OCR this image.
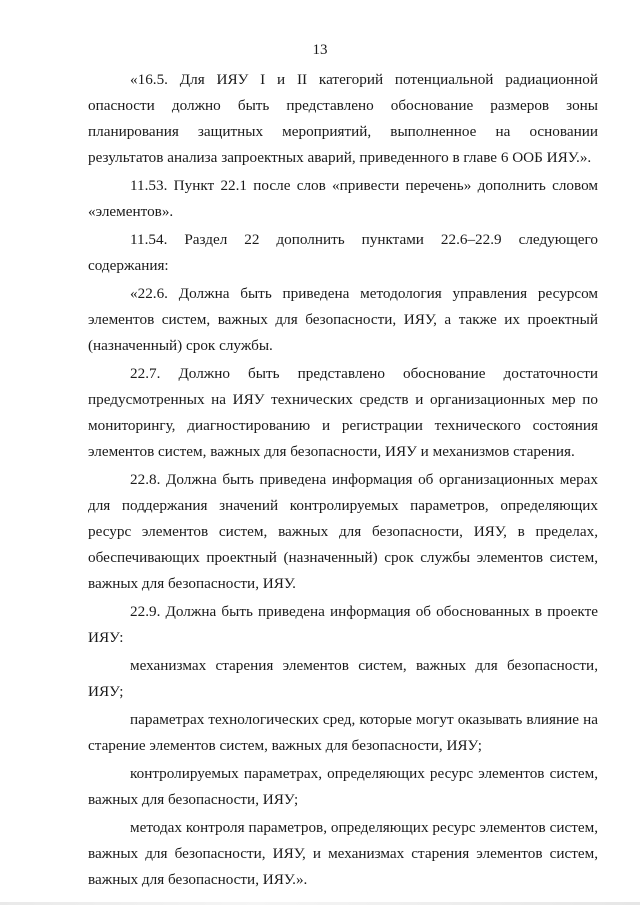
13

«16.5. Для ИЯУ I и II категорий потенциальной радиационной опасности должно быть представлено обоснование размеров зоны планирования защитных мероприятий, выполненное на основании результатов анализа запроектных аварий, приведенного в главе 6 ООБ ИЯУ.».

11.53. Пункт 22.1 после слов «привести перечень» дополнить словом «элементов».

11.54. Раздел 22 дополнить пунктами 22.6–22.9 следующего содержания:

«22.6. Должна быть приведена методология управления ресурсом элементов систем, важных для безопасности, ИЯУ, а также их проектный (назначенный) срок службы.

22.7. Должно быть представлено обоснование достаточности предусмотренных на ИЯУ технических средств и организационных мер по мониторингу, диагностированию и регистрации технического состояния элементов систем, важных для безопасности, ИЯУ и механизмов старения.

22.8. Должна быть приведена информация об организационных мерах для поддержания значений контролируемых параметров, определяющих ресурс элементов систем, важных для безопасности, ИЯУ, в пределах, обеспечивающих проектный (назначенный) срок службы элементов систем, важных для безопасности, ИЯУ.

22.9. Должна быть приведена информация об обоснованных в проекте ИЯУ:

механизмах старения элементов систем, важных для безопасности, ИЯУ;

параметрах технологических сред, которые могут оказывать влияние на старение элементов систем, важных для безопасности, ИЯУ;

контролируемых параметрах, определяющих ресурс элементов систем, важных для безопасности, ИЯУ;

методах контроля параметров, определяющих ресурс элементов систем, важных для безопасности, ИЯУ, и механизмах старения элементов систем, важных для безопасности, ИЯУ.».
